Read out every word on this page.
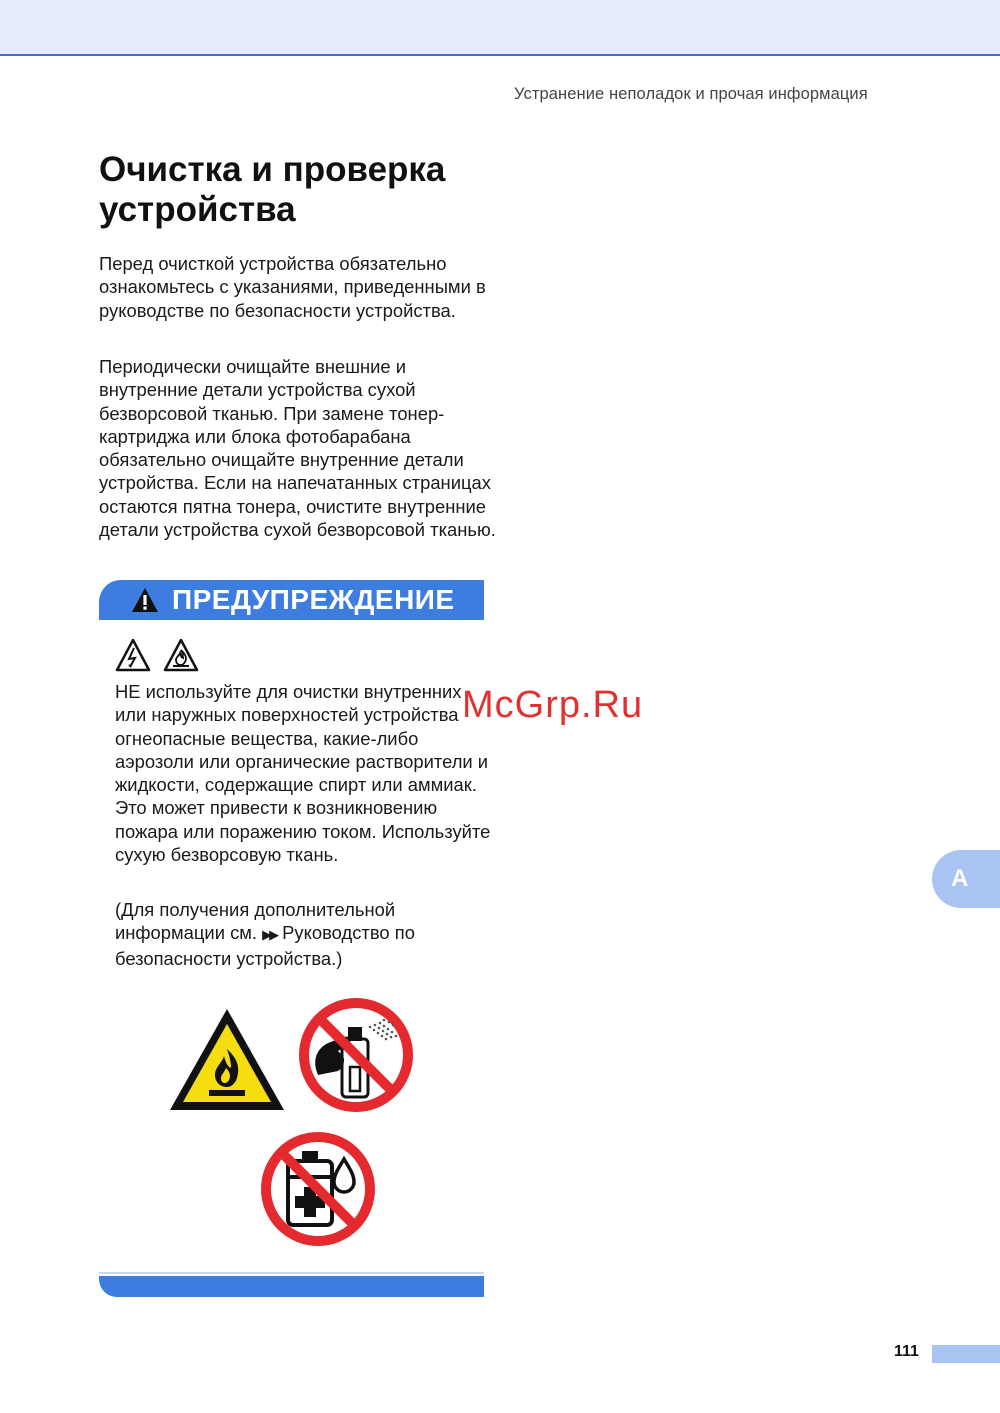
Устранение неполадок и прочая информация
Очистка и проверка устройства

Перед очисткой устройства обязательно ознакомьтесь с указаниями, приведенными в руководстве по безопасности устройства.

Периодически очищайте внешние и внутренние детали устройства сухой безворсовой тканью. При замене тонер-картриджа или блока фотобарабана обязательно очищайте внутренние детали устройства. Если на напечатанных страницах остаются пятна тонера, очистите внутренние детали устройства сухой безворсовой тканью.

ПРЕДУПРЕЖДЕНИЕ

НЕ используйте для очистки внутренних или наружных поверхностей устройства огнеопасные вещества, какие-либо аэрозоли или органические растворители и жидкости, содержащие спирт или аммиак. Это может привести к возникновению пожара или поражению током. Используйте сухую безворсовую ткань.

(Для получения дополнительной информации см. ▶▶ Руководство по безопасности устройства.)

A
111
McGrp.Ru
